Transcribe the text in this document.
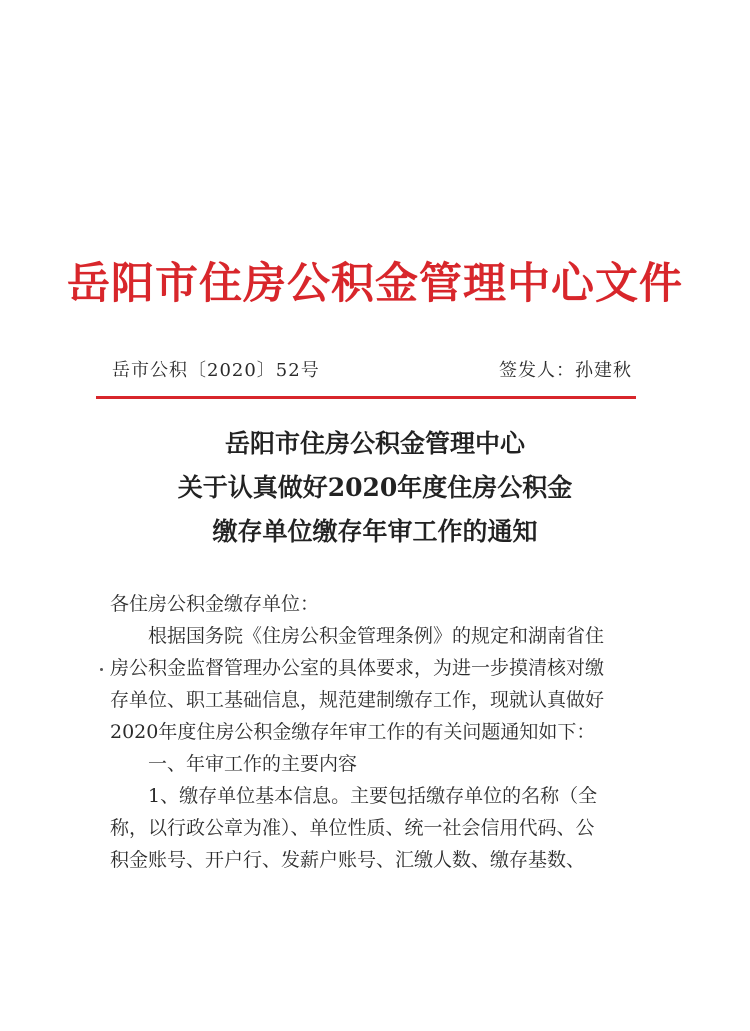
岳阳市住房公积金管理中心文件
岳市公积〔2020〕52号	签发人：孙建秋
岳阳市住房公积金管理中心
关于认真做好2020年度住房公积金
缴存单位缴存年审工作的通知

各住房公积金缴存单位：

根据国务院《住房公积金管理条例》的规定和湖南省住房公积金监督管理办公室的具体要求，为进一步摸清核对缴存单位、职工基础信息，规范建制缴存工作，现就认真做好2020年度住房公积金缴存年审工作的有关问题通知如下：

一、年审工作的主要内容

1、缴存单位基本信息。主要包括缴存单位的名称（全称，以行政公章为准）、单位性质、统一社会信用代码、公积金账号、开户行、发薪户账号、汇缴人数、缴存基数、
